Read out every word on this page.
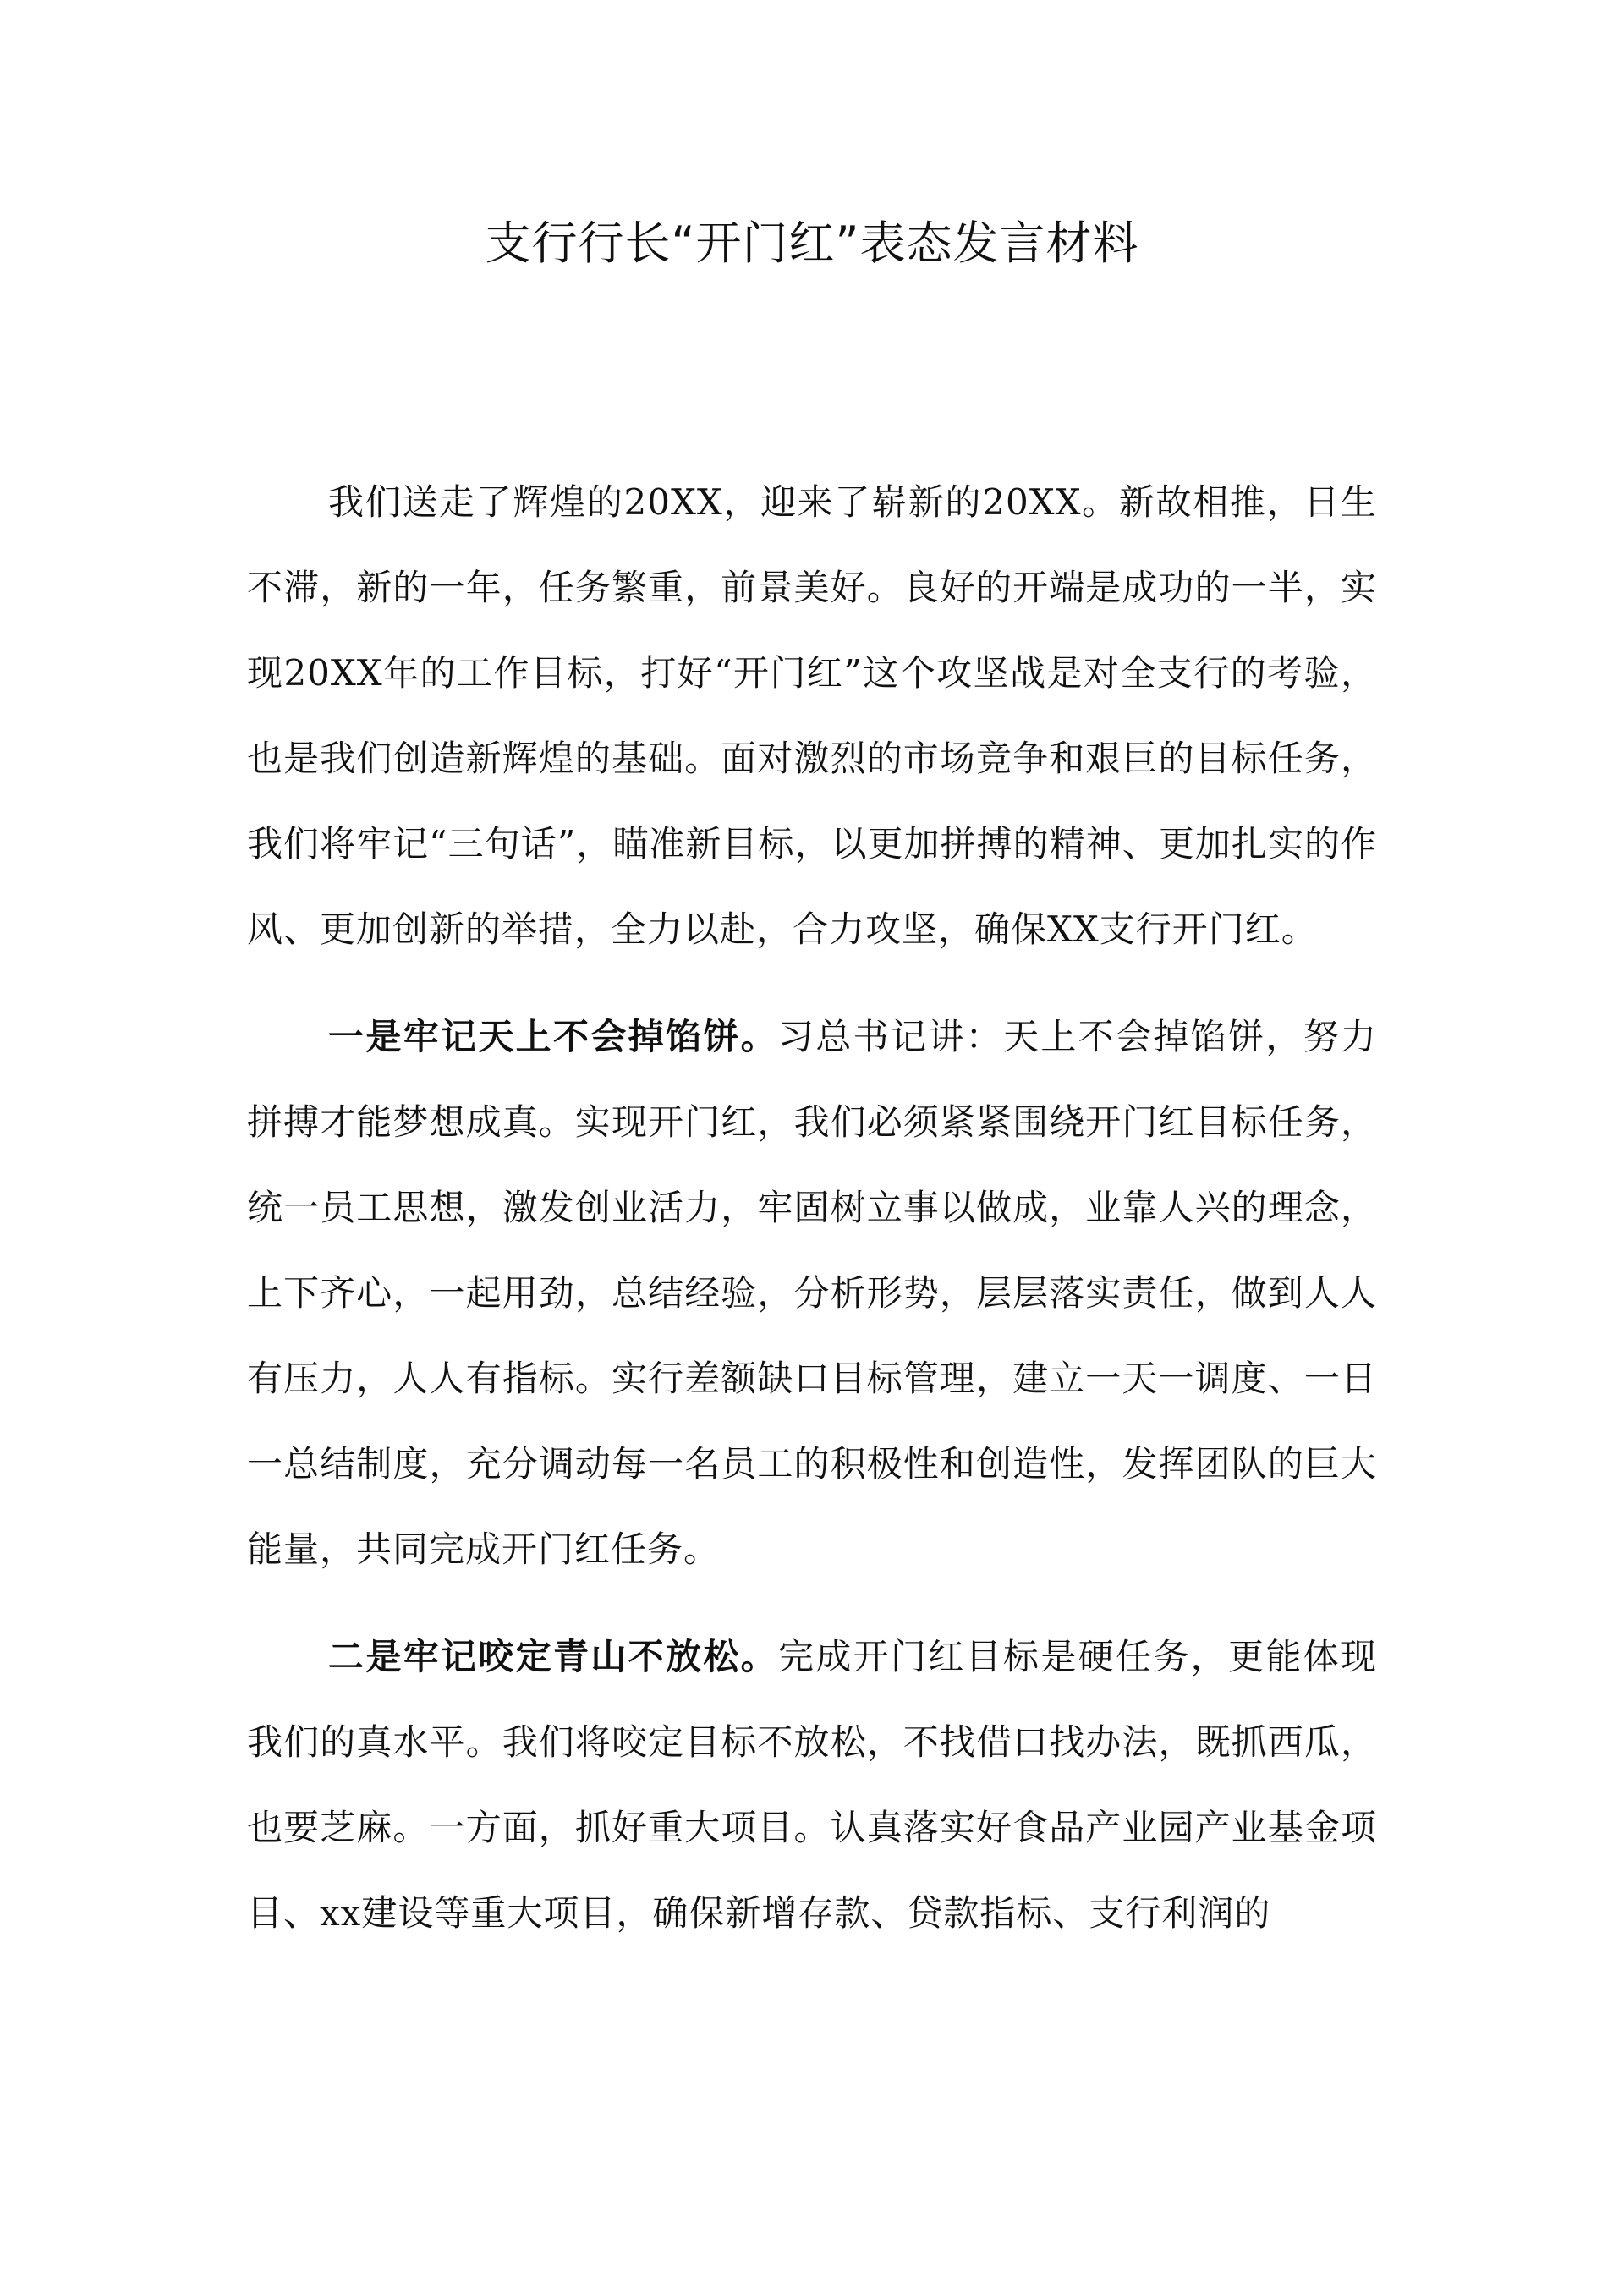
支行行长“开门红”表态发言材料

我们送走了辉煌的20XX，迎来了崭新的20XX。新故相推，日生不滞，新的一年，任务繁重，前景美好。良好的开端是成功的一半，实现20XX年的工作目标，打好“开门红”这个攻坚战是对全支行的考验，也是我们创造新辉煌的基础。面对激烈的市场竞争和艰巨的目标任务，我们将牢记“三句话”，瞄准新目标，以更加拼搏的精神、更加扎实的作风、更加创新的举措，全力以赴，合力攻坚，确保XX支行开门红。

一是牢记天上不会掉馅饼。习总书记讲：天上不会掉馅饼，努力拼搏才能梦想成真。实现开门红，我们必须紧紧围绕开门红目标任务，统一员工思想，激发创业活力，牢固树立事以做成，业靠人兴的理念，上下齐心，一起用劲，总结经验，分析形势，层层落实责任，做到人人有压力，人人有指标。实行差额缺口目标管理，建立一天一调度、一日一总结制度，充分调动每一名员工的积极性和创造性，发挥团队的巨大能量，共同完成开门红任务。

二是牢记咬定青山不放松。完成开门红目标是硬任务，更能体现我们的真水平。我们将咬定目标不放松，不找借口找办法，既抓西瓜，也要芝麻。一方面，抓好重大项目。认真落实好食品产业园产业基金项目、xx建设等重大项目，确保新增存款、贷款指标、支行利润的
